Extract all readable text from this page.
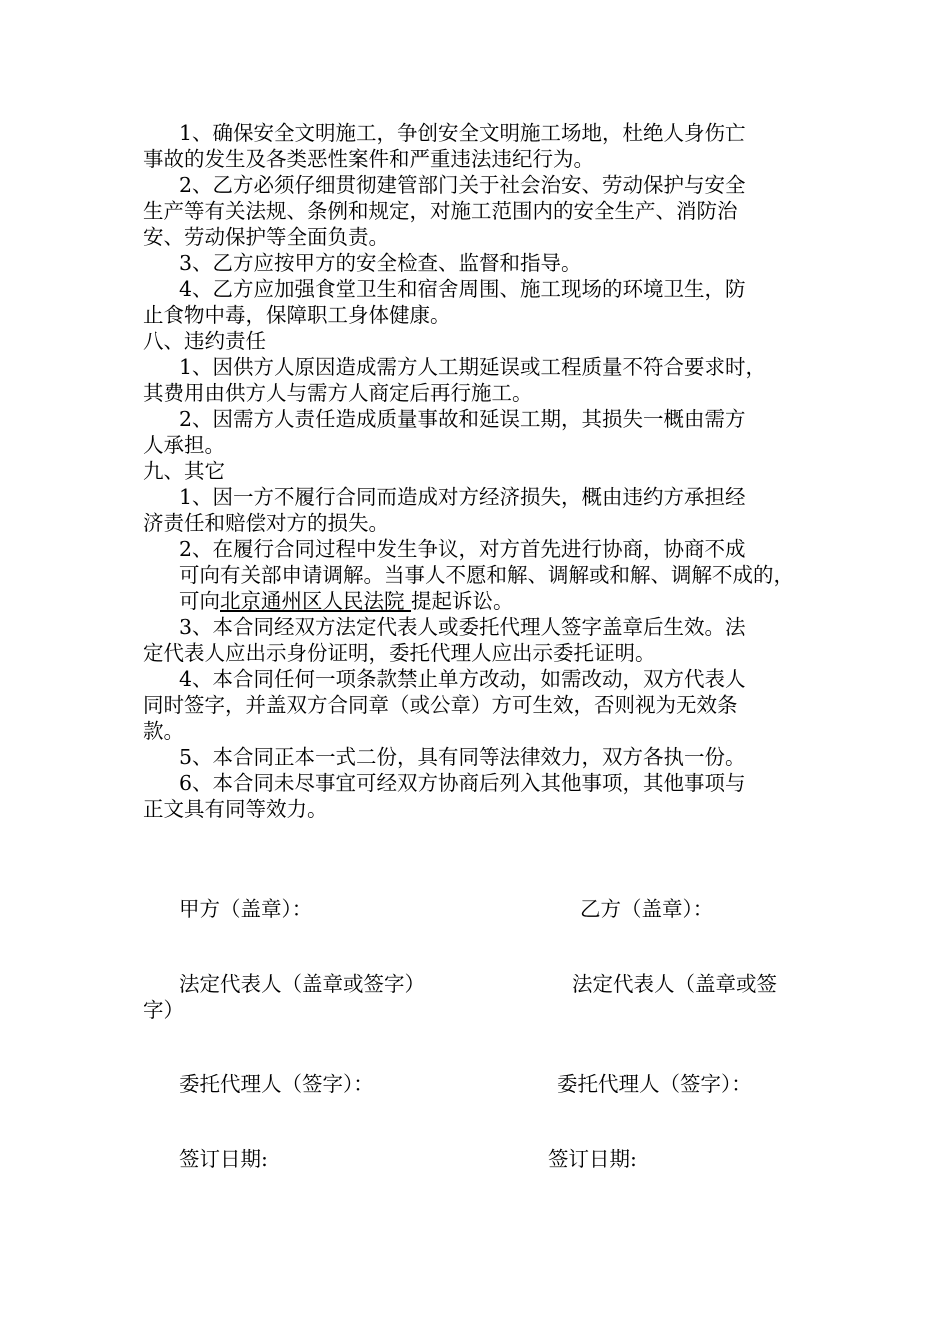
1、确保安全文明施工，争创安全文明施工场地，杜绝人身伤亡

事故的发生及各类恶性案件和严重违法违纪行为。

2、乙方必须仔细贯彻建管部门关于社会治安、劳动保护与安全

生产等有关法规、条例和规定，对施工范围内的安全生产、消防治

安、劳动保护等全面负责。

3、乙方应按甲方的安全检查、监督和指导。

4、乙方应加强食堂卫生和宿舍周围、施工现场的环境卫生，防

止食物中毒，保障职工身体健康。

八、违约责任

1、因供方人原因造成需方人工期延误或工程质量不符合要求时，

其费用由供方人与需方人商定后再行施工。

2、因需方人责任造成质量事故和延误工期，其损失一概由需方

人承担。

九、其它

1、因一方不履行合同而造成对方经济损失，概由违约方承担经

济责任和赔偿对方的损失。

2、在履行合同过程中发生争议，对方首先进行协商，协商不成

可向有关部申请调解。当事人不愿和解、调解或和解、调解不成的，

可向北京通州区人民法院 提起诉讼。

3、本合同经双方法定代表人或委托代理人签字盖章后生效。法

定代表人应出示身份证明，委托代理人应出示委托证明。

4、本合同任何一项条款禁止单方改动，如需改动，双方代表人

同时签字，并盖双方合同章（或公章）方可生效，否则视为无效条

款。

5、本合同正本一式二份，具有同等法律效力，双方各执一份。

6、本合同未尽事宜可经双方协商后列入其他事项，其他事项与

正文具有同等效力。

甲方（盖章）：	乙方（盖章）：

法定代表人（盖章或签字）	法定代表人（盖章或签

字）

委托代理人（签字）：	委托代理人（签字）：

签订日期:	签订日期:
